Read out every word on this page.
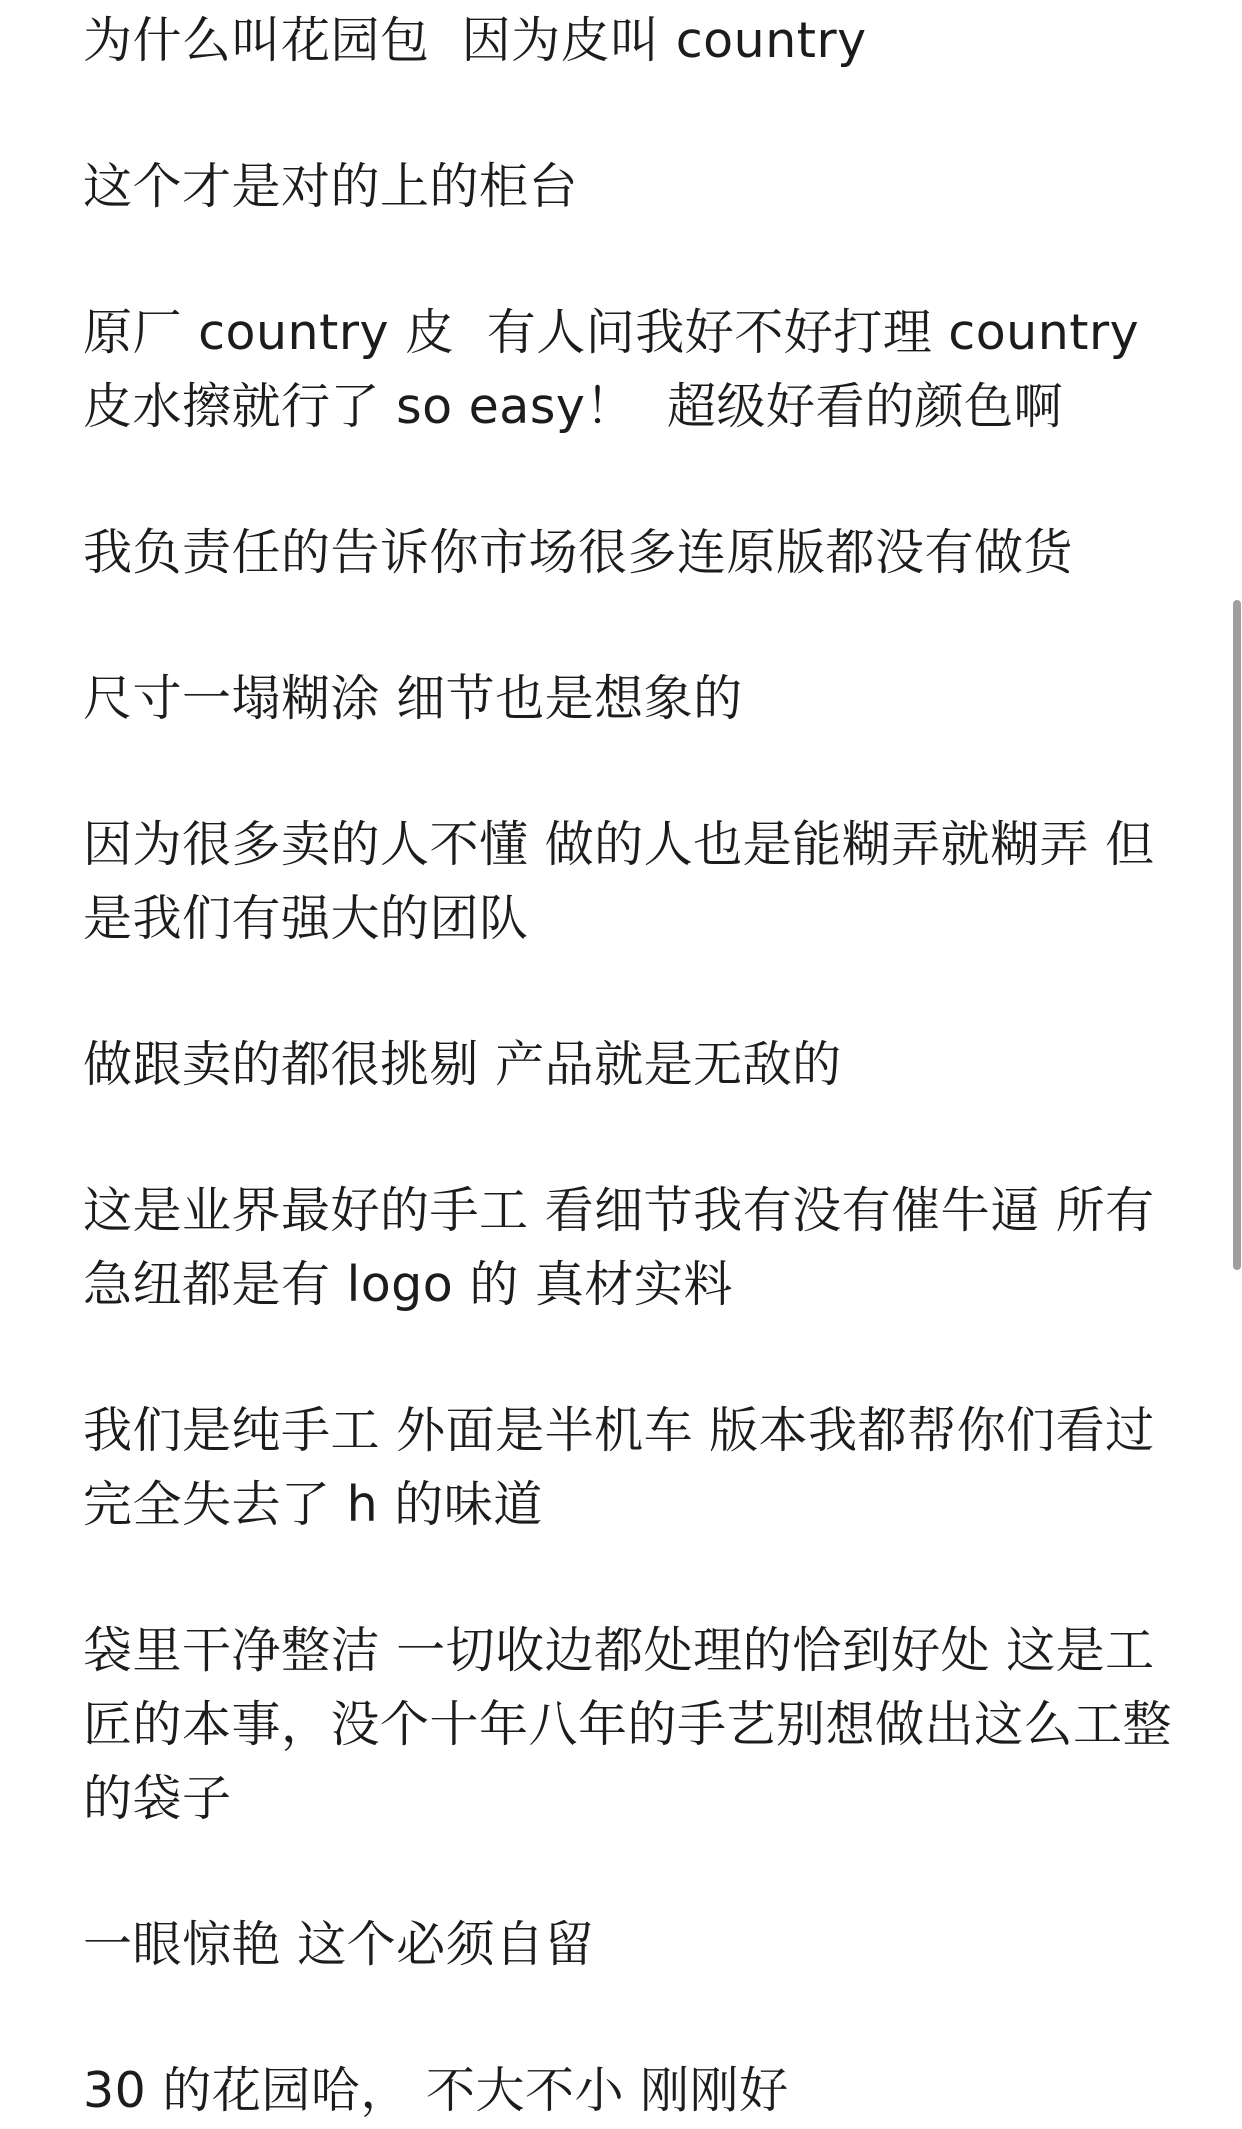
为什么叫花园包  因为皮叫 country

这个才是对的上的柜台

原厂 country 皮  有人问我好不好打理 country 皮水擦就行了 so easy！  超级好看的颜色啊

我负责任的告诉你市场很多连原版都没有做货

尺寸一塌糊涂 细节也是想象的

因为很多卖的人不懂 做的人也是能糊弄就糊弄 但是我们有强大的团队

做跟卖的都很挑剔 产品就是无敌的

这是业界最好的手工 看细节我有没有催牛逼 所有急纽都是有 logo 的 真材实料

我们是纯手工 外面是半机车 版本我都帮你们看过 完全失去了 h 的味道

袋里干净整洁 一切收边都处理的恰到好处 这是工匠的本事，没个十年八年的手艺别想做出这么工整的袋子

一眼惊艳 这个必须自留

30 的花园哈， 不大不小 刚刚好
